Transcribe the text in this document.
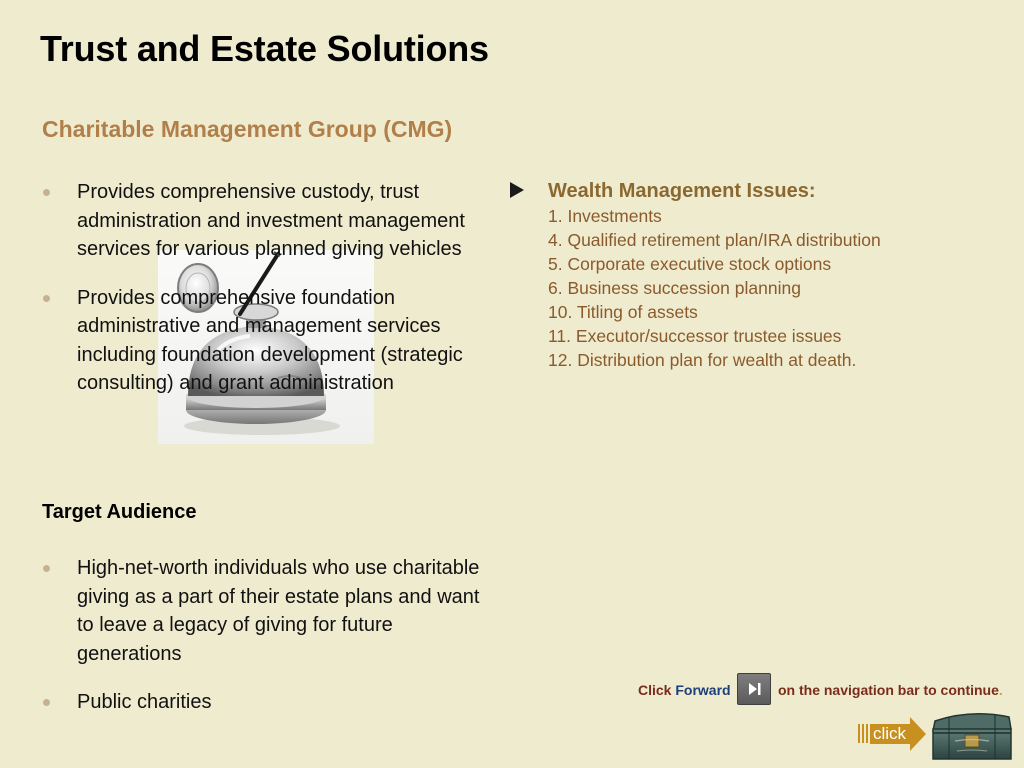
Trust and Estate Solutions
Charitable Management Group (CMG)
Provides comprehensive custody, trust administration and investment management services for various planned giving vehicles
Provides comprehensive foundation administrative and management services including foundation development (strategic consulting) and grant administration
Target Audience
High-net-worth individuals who use charitable giving as a part of their estate plans and want to leave a legacy of giving for future generations
Public charities
Wealth Management Issues:
1. Investments
4. Qualified retirement plan/IRA distribution
5. Corporate executive stock options
6. Business succession planning
10. Titling of assets
11. Executor/successor trustee issues
12. Distribution plan for wealth at death.
Click Forward	on the navigation bar to continue.
click
